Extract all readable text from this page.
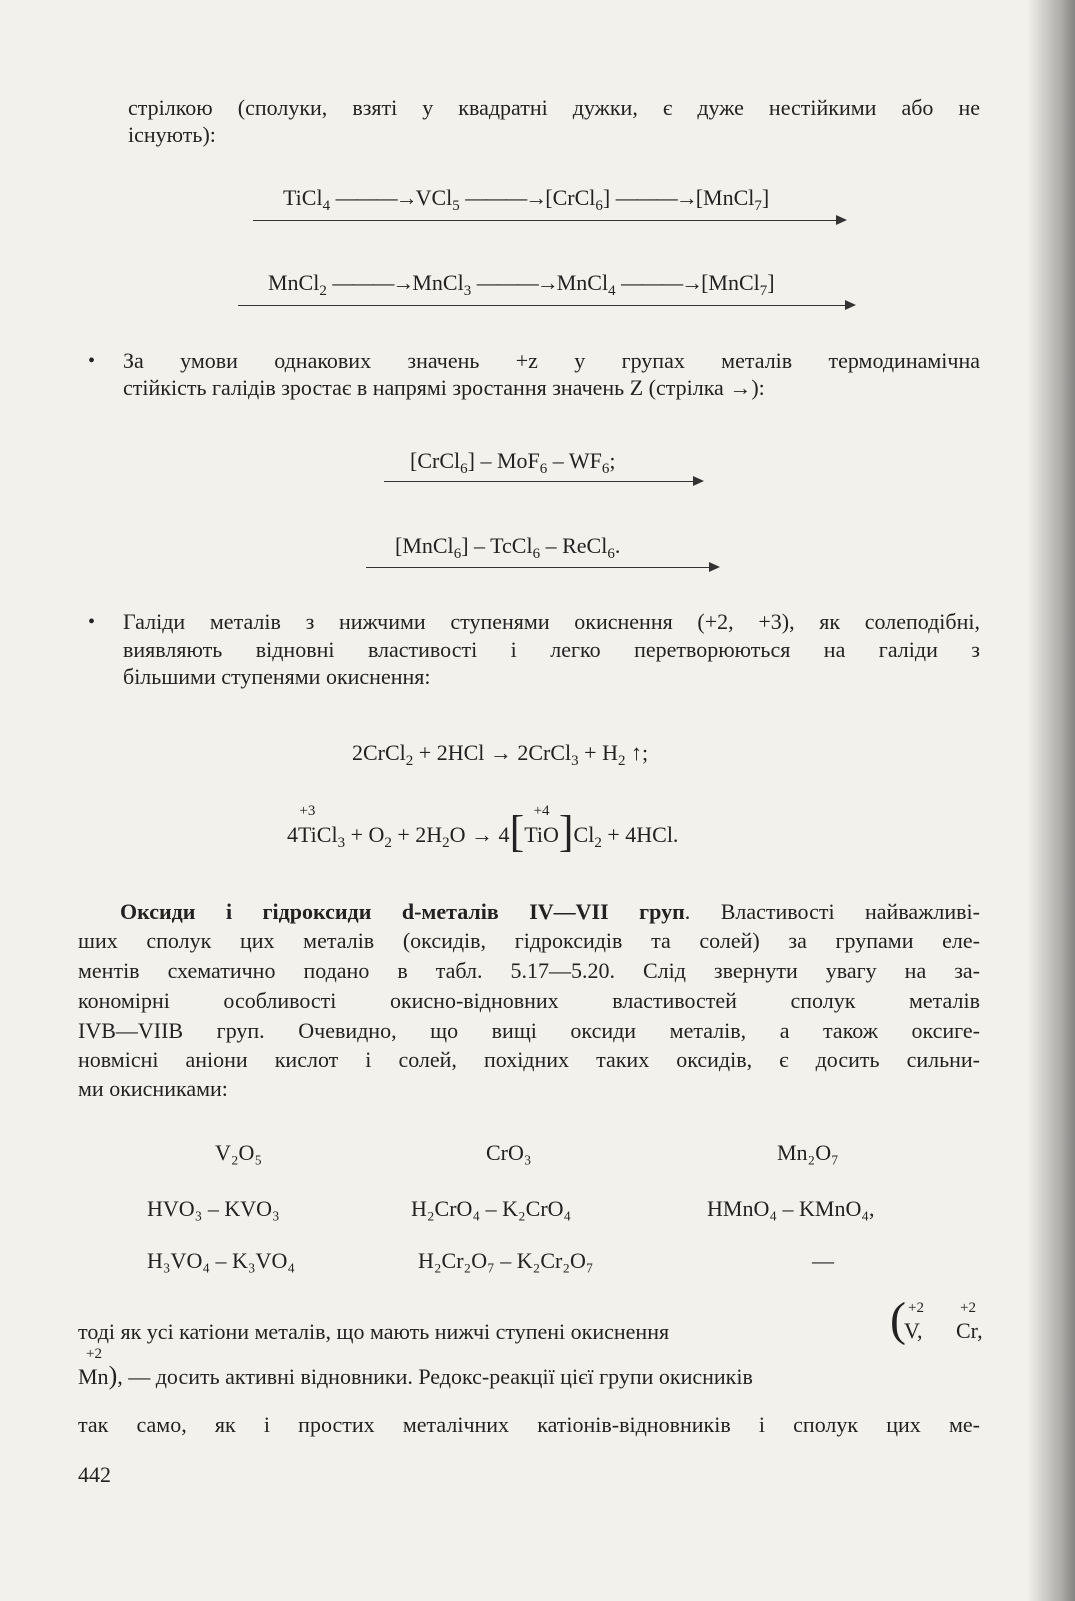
стрілкою (сполуки, взяті у квадратні дужки, є дуже нестійкими або не
існують):
TiCl$_4$ ———→VCl$_5$ ———→[CrCl$_6$] ———→[MnCl$_7$]
MnCl$_2$ ———→MnCl$_3$ ———→MnCl$_4$ ———→[MnCl$_7$]
• За умови однакових значень +z у групах металів термодинамічна
стійкість галідів зростає в напрямі зростання значень Z (стрілка →):
[CrCl$_6$] – $MoF_6 - WF_6$;
[MnCl$_6$] – TcCl$_6$ – ReCl$_6$.
• Галіди металів з нижчими ступенями окиснення (+2, +3), як солеподібні,
виявляють відновні властивості і легко перетворюються на галіди з
більшими ступенями окиснення:
2CrCl$_2$ + 2HCl → 2CrCl$_3$ + $H_2$ ↑;
4
+3
TiCl$_3$ + $O_2 + 2H_2O \to 4[ +4$
$TiO]Cl_2 + 4HCl$.
Оксиди і гідроксиди d-металів IV—VII груп. Властивості найважливі-
ших сполук цих металів (оксидів, гідроксидів та солей) за групами еле-
ментів схематично подано в табл. 5.17—5.20. Слід звернути увагу на за-
кономірні особливості окисно-відновних властивостей сполук металів
IVB—VIIB груп. Очевидно, що вищі оксиди металів, а також оксиге-
новмісні аніони кислот і солей, похідних таких оксидів, є досить сильни-
ми окисниками:
V₂O₅	CrO₃	Mn₂O₇
HVO₃ – KVO₃	H₂CrO₄ – K₂CrO₄	HMnO₄ – KMnO₄,
H₃VO₄ – K₃VO₄	H₂Cr₂O₇ – K₂Cr₂O₇	—
тоді як усі катіони металів, що мають нижчі ступені окиснення	( +2
V,
+2
Cr,
+2
Mn), — досить активні відновники. Редокс-реакції цієї групи окисників
так само, як і простих металічних катіонів-відновників і сполук цих ме-
442
